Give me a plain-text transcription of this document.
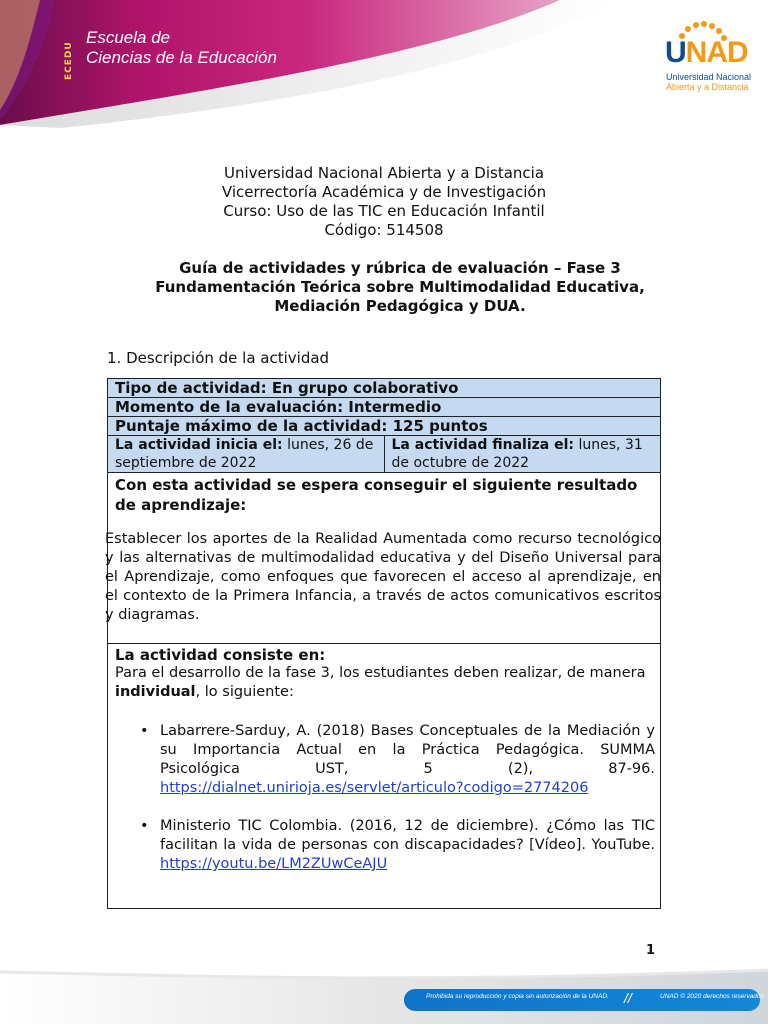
ECEDU
Escuela de
Ciencias de la Educación	UNAD
Universidad Nacional
Abierta y a Distancia
Universidad Nacional Abierta y a Distancia
Vicerrectoría Académica y de Investigación
Curso: Uso de las TIC en Educación Infantil
Código: 514508
Guía de actividades y rúbrica de evaluación – Fase 3
Fundamentación Teórica sobre Multimodalidad Educativa,
Mediación Pedagógica y DUA.
1. Descripción de la actividad
Tipo de actividad: En grupo colaborativo
Momento de la evaluación: Intermedio
Puntaje máximo de la actividad: 125 puntos
La actividad inicia el: lunes, 26 de septiembre de 2022
La actividad finaliza el: lunes, 31 de octubre de 2022
Con esta actividad se espera conseguir el siguiente resultado de aprendizaje:
Establecer los aportes de la Realidad Aumentada como recurso tecnológico y las alternativas de multimodalidad educativa y del Diseño Universal para el Aprendizaje, como enfoques que favorecen el acceso al aprendizaje, en el contexto de la Primera Infancia, a través de actos comunicativos escritos y diagramas.
La actividad consiste en:
Para el desarrollo de la fase 3, los estudiantes deben realizar, de manera individual, lo siguiente:
• Labarrere-Sarduy, A. (2018) Bases Conceptuales de la Mediación y su Importancia Actual en la Práctica Pedagógica. SUMMA Psicológica UST, 5 (2), 87-96. https://dialnet.unirioja.es/servlet/articulo?codigo=2774206
• Ministerio TIC Colombia. (2016, 12 de diciembre). ¿Cómo las TIC facilitan la vida de personas con discapacidades? [Vídeo]. YouTube. https://youtu.be/LM2ZUwCeAJU
1
Prohibida su reproducción y copia sin autorización de la UNAD. //	UNAD © 2020 derechos reservados
